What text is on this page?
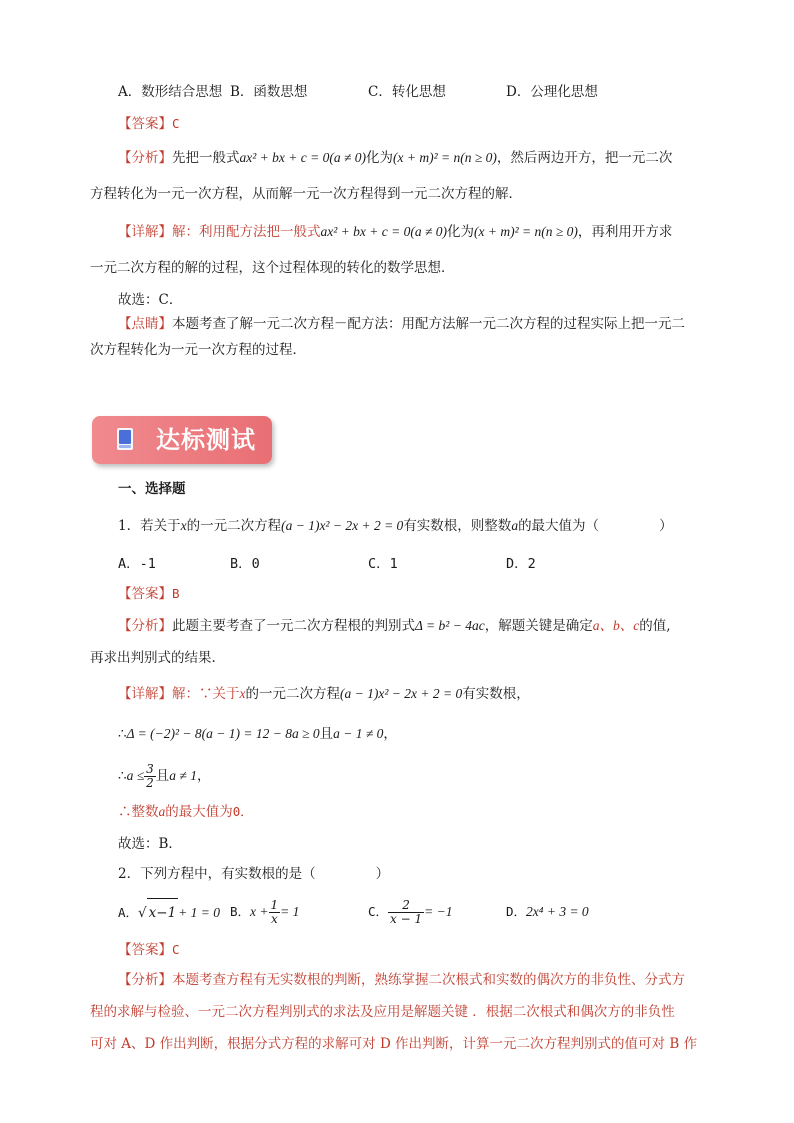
A．数形结合思想 B．函数思想	C．转化思想	D．公理化思想
【答案】C
【分析】先把一般式ax² + bx + c = 0(a ≠ 0)化为(x + m)² = n(n ≥ 0)，然后两边开方，把一元二次
方程转化为一元一次方程，从而解一元一次方程得到一元二次方程的解．
【详解】解：利用配方法把一般式ax² + bx + c = 0(a ≠ 0)化为(x + m)² = n(n ≥ 0)，再利用开方求
一元二次方程的解的过程，这个过程体现的转化的数学思想．
故选：C．
【点睛】本题考查了解一元二次方程－配方法：用配方法解一元二次方程的过程实际上把一元二
次方程转化为一元一次方程的过程．
达标测试
一、选择题
1．若关于x的一元二次方程(a − 1)x² − 2x + 2 = 0有实数根，则整数a的最大值为（	）
A．-1	B．0	C．1	D．2
【答案】B
【分析】此题主要考查了一元二次方程根的判别式Δ = b² − 4ac，解题关键是确定a、b、c的值,
再求出判别式的结果.
【详解】解：∵关于x的一元二次方程(a − 1)x² − 2x + 2 = 0有实数根，
∴Δ = (−2)² − 8(a − 1) = 12 − 8a ≥ 0且a − 1 ≠ 0，
∴a ≤ $\frac{3}{2}$ 且a ≠ 1，
∴整数a的最大值为0．
故选：B．
2．下列方程中，有实数根的是（	）
A．√ x−1 + 1 = 0 B．$x + \frac{1}{x} = 1$	C． $\frac{2}{x - 1} = -1$	D．2x⁴ + 3 = 0
【答案】C
【分析】本题考查方程有无实数根的判断，熟练掌握二次根式和实数的偶次方的非负性、分式方
程的求解与检验、一元二次方程判别式的求法及应用是解题关键 ．根据二次根式和偶次方的非负性
可对 A、D 作出判断，根据分式方程的求解可对 D 作出判断，计算一元二次方程判别式的值可对 B 作
